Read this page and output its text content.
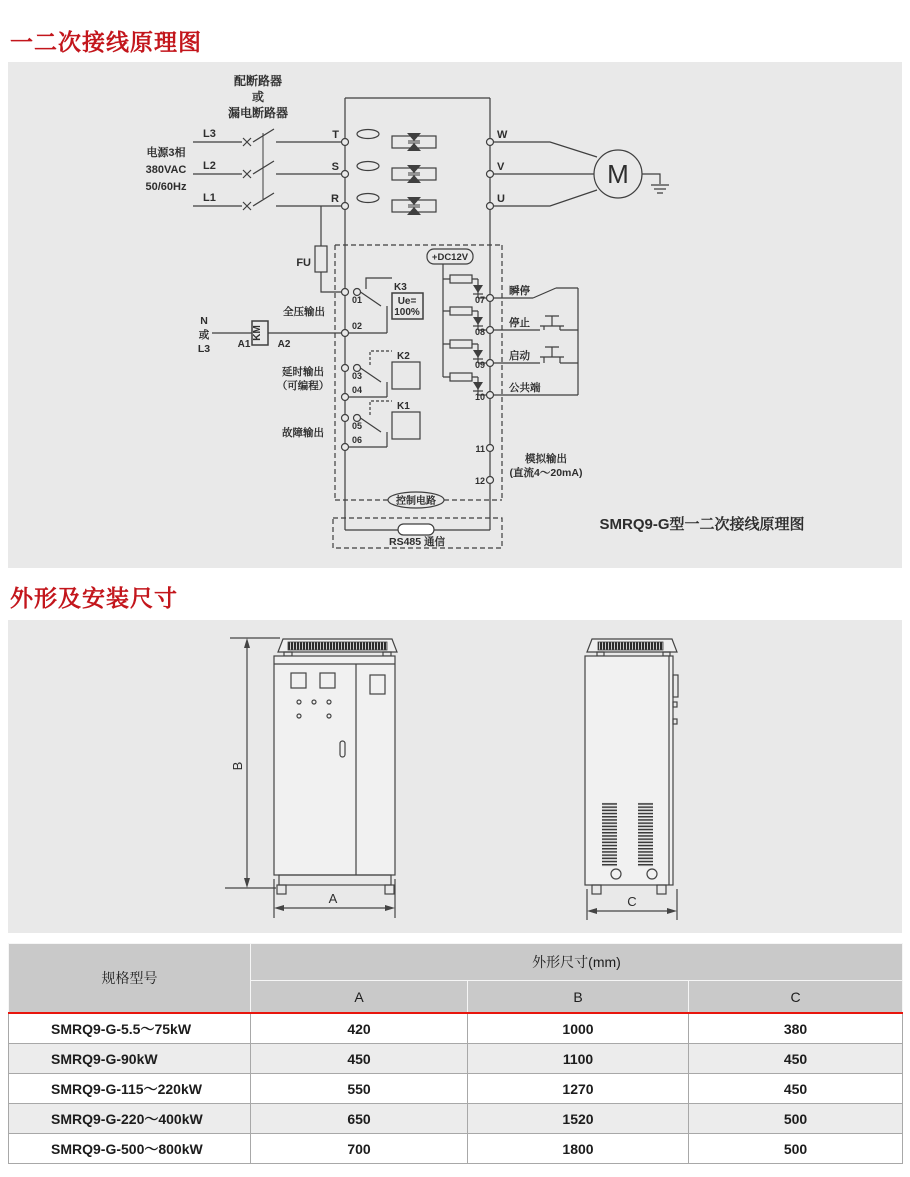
一二次接线原理图
配断路器
或
漏电断路器
电源3相
380VAC
50/60Hz
L3
L2
L1
T
S
R
W
V
U
M
FU
N
或
L3	A1
KM
A2
全压输出
延时输出
（可编程）
故障输出
K3
Ue=
100%
K2
K1
+DC12V
01
02
03
04
05
06
07
08
09
10
11
12
瞬停
停止
启动
公共端
模拟输出
(直流4～20mA)
控制电路
RS485 通信
SMRQ9-G型一二次接线原理图
外形及安装尺寸
A
B
C
规格型号	外形尺寸(mm)		
	A	B	C
SMRQ9-G-5.5～75kW	420	1000	380
SMRQ9-G-90kW	450	1100	450
SMRQ9-G-115～220kW	550	1270	450
SMRQ9-G-220～400kW	650	1520	500
SMRQ9-G-500～800kW	700	1800	500
